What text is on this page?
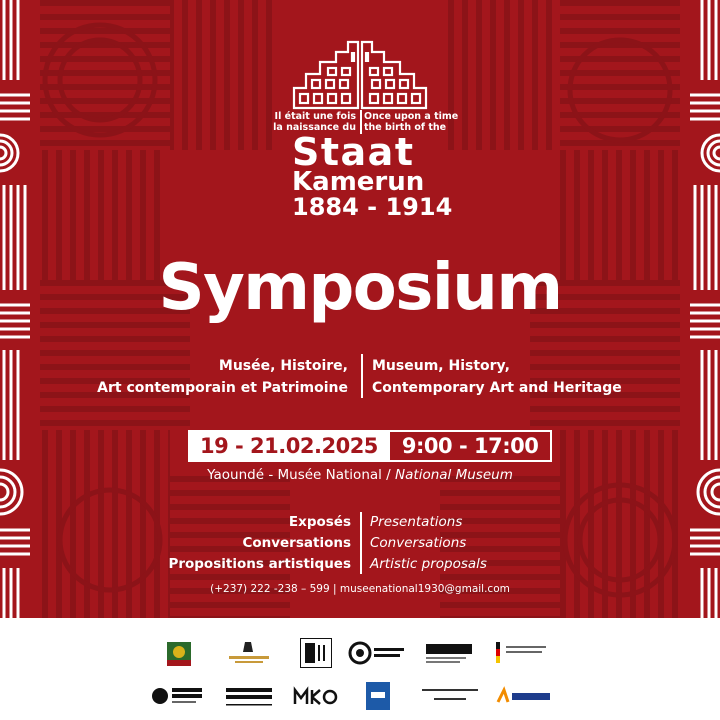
Il était une fois
la naissance du
Once upon a time
the birth of the
Staat
Kamerun
1884 - 1914
Symposium
Musée, Histoire,
Art contemporain et Patrimoine
Museum, History,
Contemporary Art and Heritage
19 - 21.02.2025	9:00 - 17:00
Yaoundé - Musée National / National Museum
Exposés
Conversations
Propositions artistiques
Presentations
Conversations
Artistic proposals
(+237) 222 -238 – 599 | museenational1930@gmail.com
